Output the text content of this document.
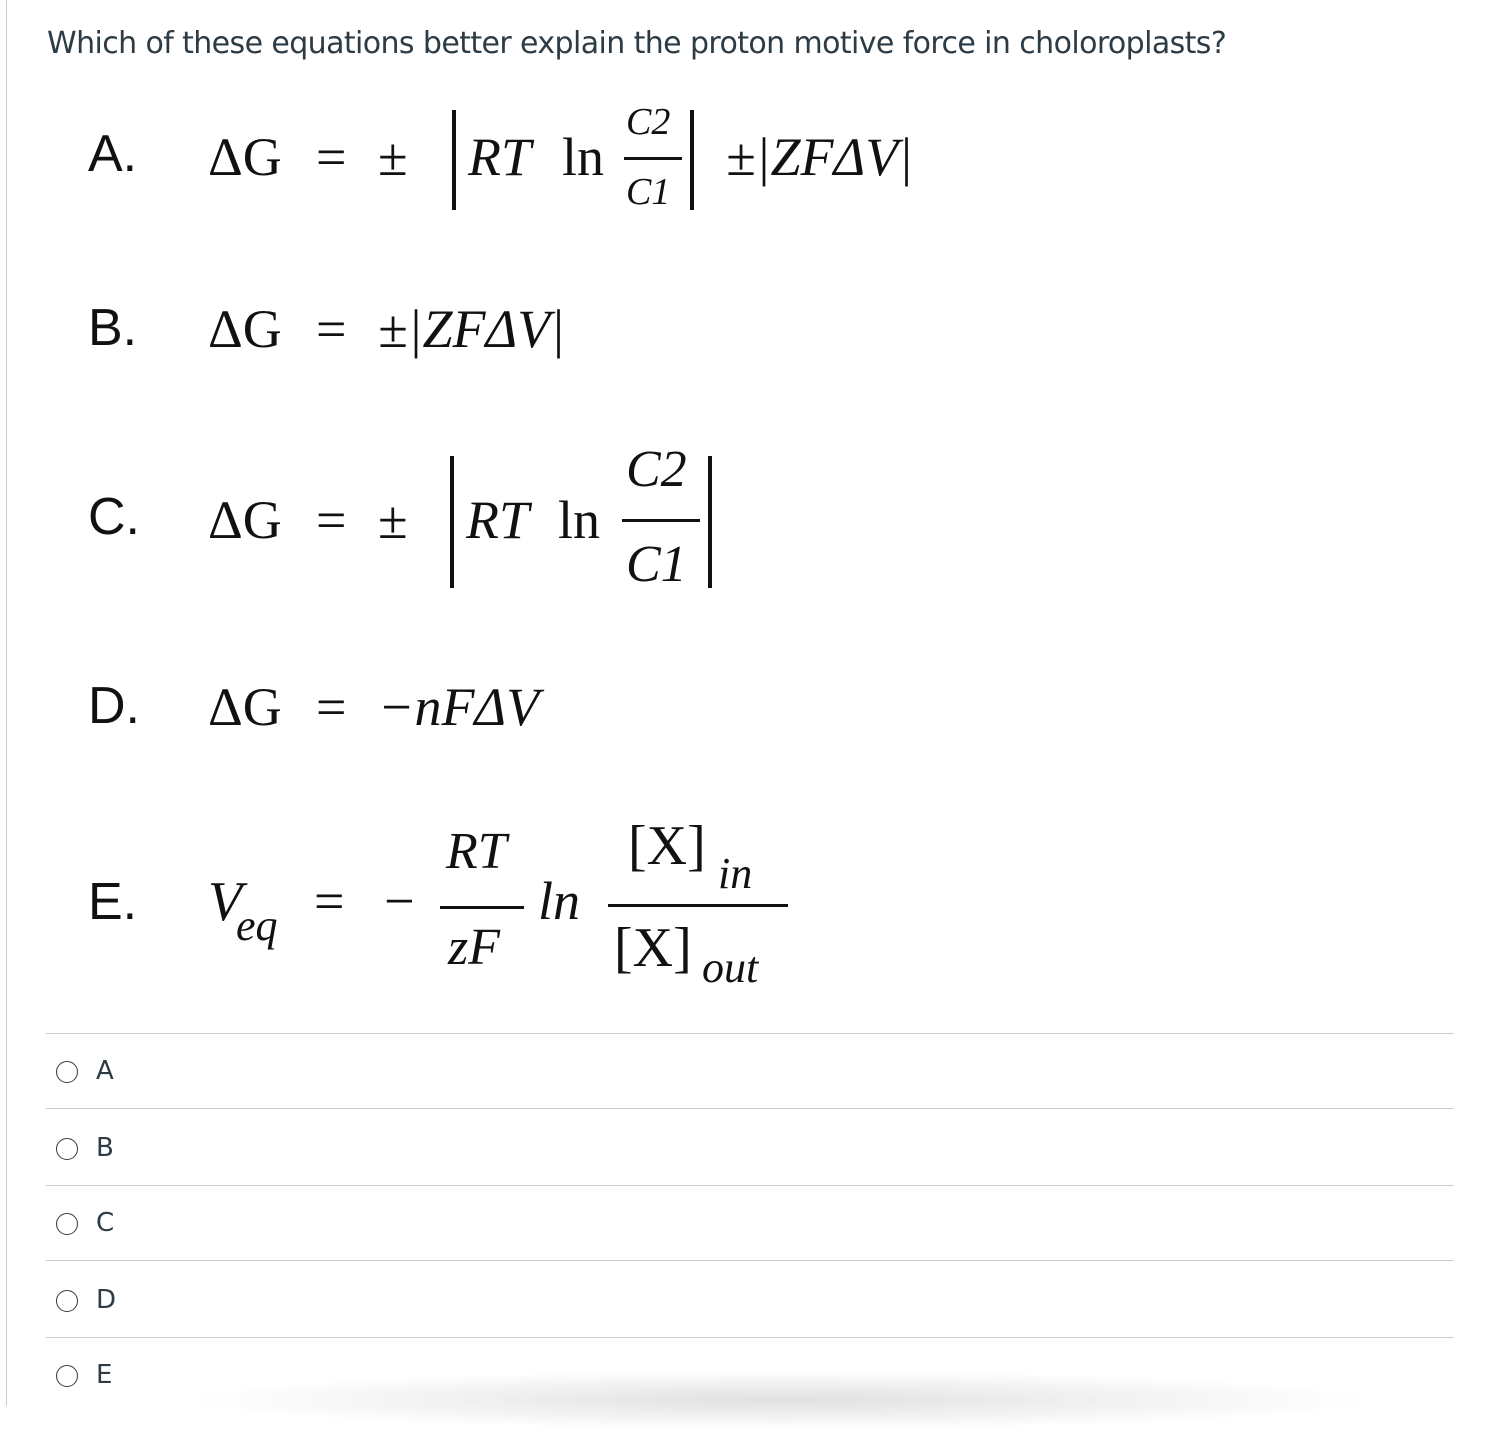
Which of these equations better explain the proton motive force in choloroplasts?
A. ΔG = ± RT ln
C2
C1
±|ZFΔV|
B. ΔG = ±|ZFΔV|
C. ΔG = ± RT ln
C2
C1
D. ΔG = −nFΔV
E. V
eq = −
RT
zF
ln
[X] in
[X] out
A
B
C
D
E
